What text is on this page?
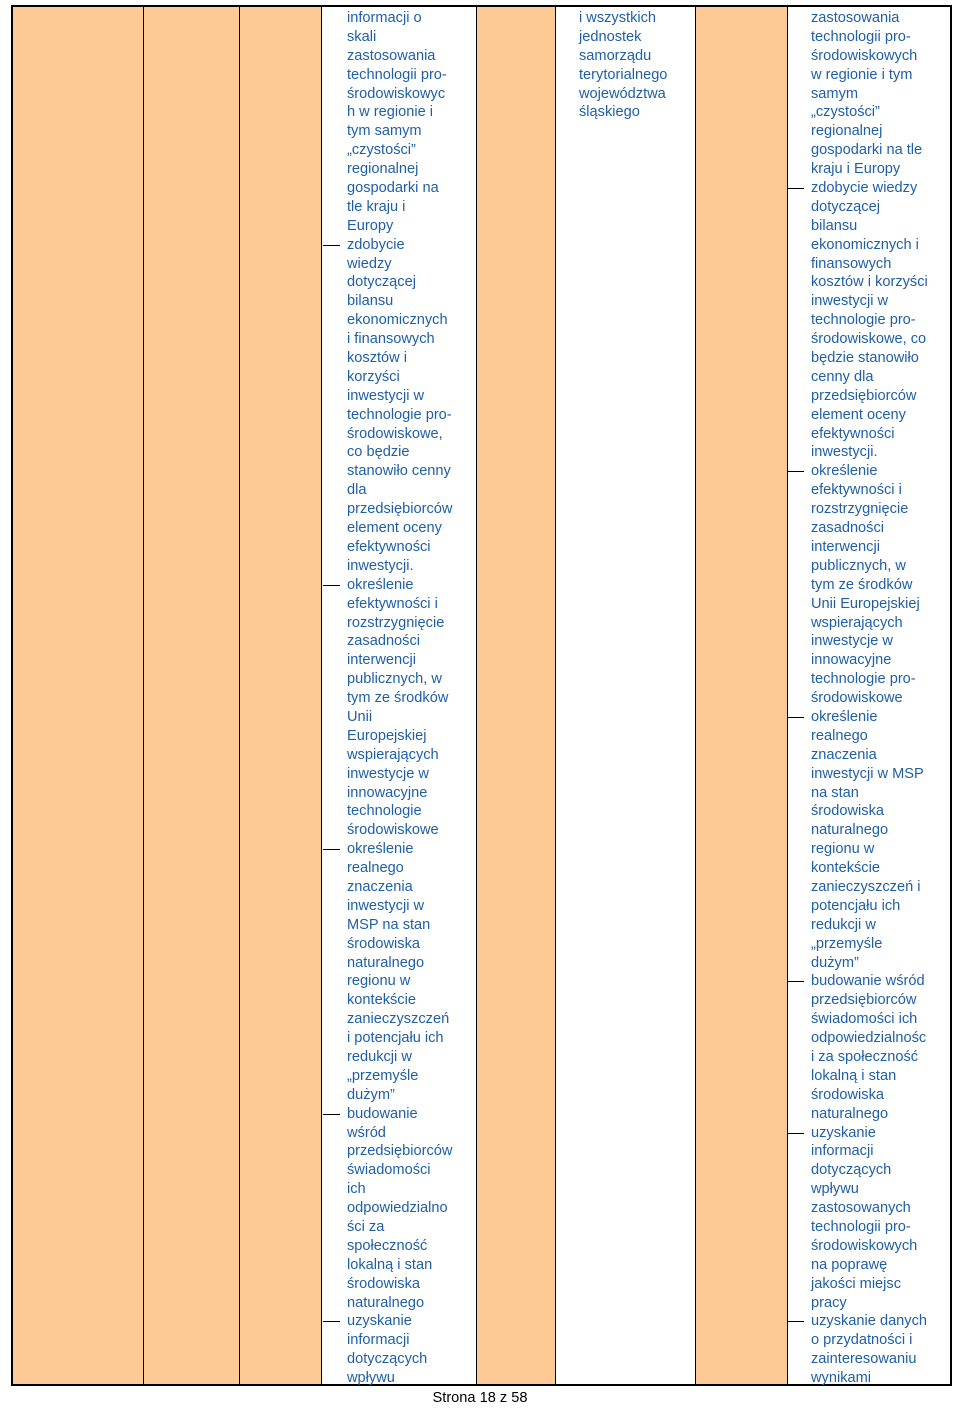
informacji o
skali
zastosowania
technologii pro-
środowiskowyc
h w regionie i
tym samym
„czystości”
regionalnej
gospodarki na
tle kraju i
Europy
zdobycie
wiedzy
dotyczącej
bilansu
ekonomicznych
i finansowych
kosztów i
korzyści
inwestycji w
technologie pro-
środowiskowe,
co będzie
stanowiło cenny
dla
przedsiębiorców
element oceny
efektywności
inwestycji.
określenie
efektywności i
rozstrzygnięcie
zasadności
interwencji
publicznych, w
tym ze środków
Unii
Europejskiej
wspierających
inwestycje w
innowacyjne
technologie
środowiskowe
określenie
realnego
znaczenia
inwestycji w
MSP na stan
środowiska
naturalnego
regionu w
kontekście
zanieczyszczeń
i potencjału ich
redukcji w
„przemyśle
dużym”
budowanie
wśród
przedsiębiorców
świadomości
ich
odpowiedzialno
ści za
społeczność
lokalną i stan
środowiska
naturalnego
uzyskanie
informacji
dotyczących
wpływu
i wszystkich
jednostek
samorządu
terytorialnego
województwa
śląskiego
zastosowania
technologii pro-
środowiskowych
w regionie i tym
samym
„czystości”
regionalnej
gospodarki na tle
kraju i Europy
zdobycie wiedzy
dotyczącej
bilansu
ekonomicznych i
finansowych
kosztów i korzyści
inwestycji w
technologie pro-
środowiskowe, co
będzie stanowiło
cenny dla
przedsiębiorców
element oceny
efektywności
inwestycji.
określenie
efektywności i
rozstrzygnięcie
zasadności
interwencji
publicznych, w
tym ze środków
Unii Europejskiej
wspierających
inwestycje w
innowacyjne
technologie pro-
środowiskowe
określenie
realnego
znaczenia
inwestycji w MSP
na stan
środowiska
naturalnego
regionu w
kontekście
zanieczyszczeń i
potencjału ich
redukcji w
„przemyśle
dużym”
budowanie wśród
przedsiębiorców
świadomości ich
odpowiedzialnośc
i za społeczność
lokalną i stan
środowiska
naturalnego
uzyskanie
informacji
dotyczących
wpływu
zastosowanych
technologii pro-
środowiskowych
na poprawę
jakości miejsc
pracy
uzyskanie danych
o przydatności i
zainteresowaniu
wynikami
Strona 18 z 58
